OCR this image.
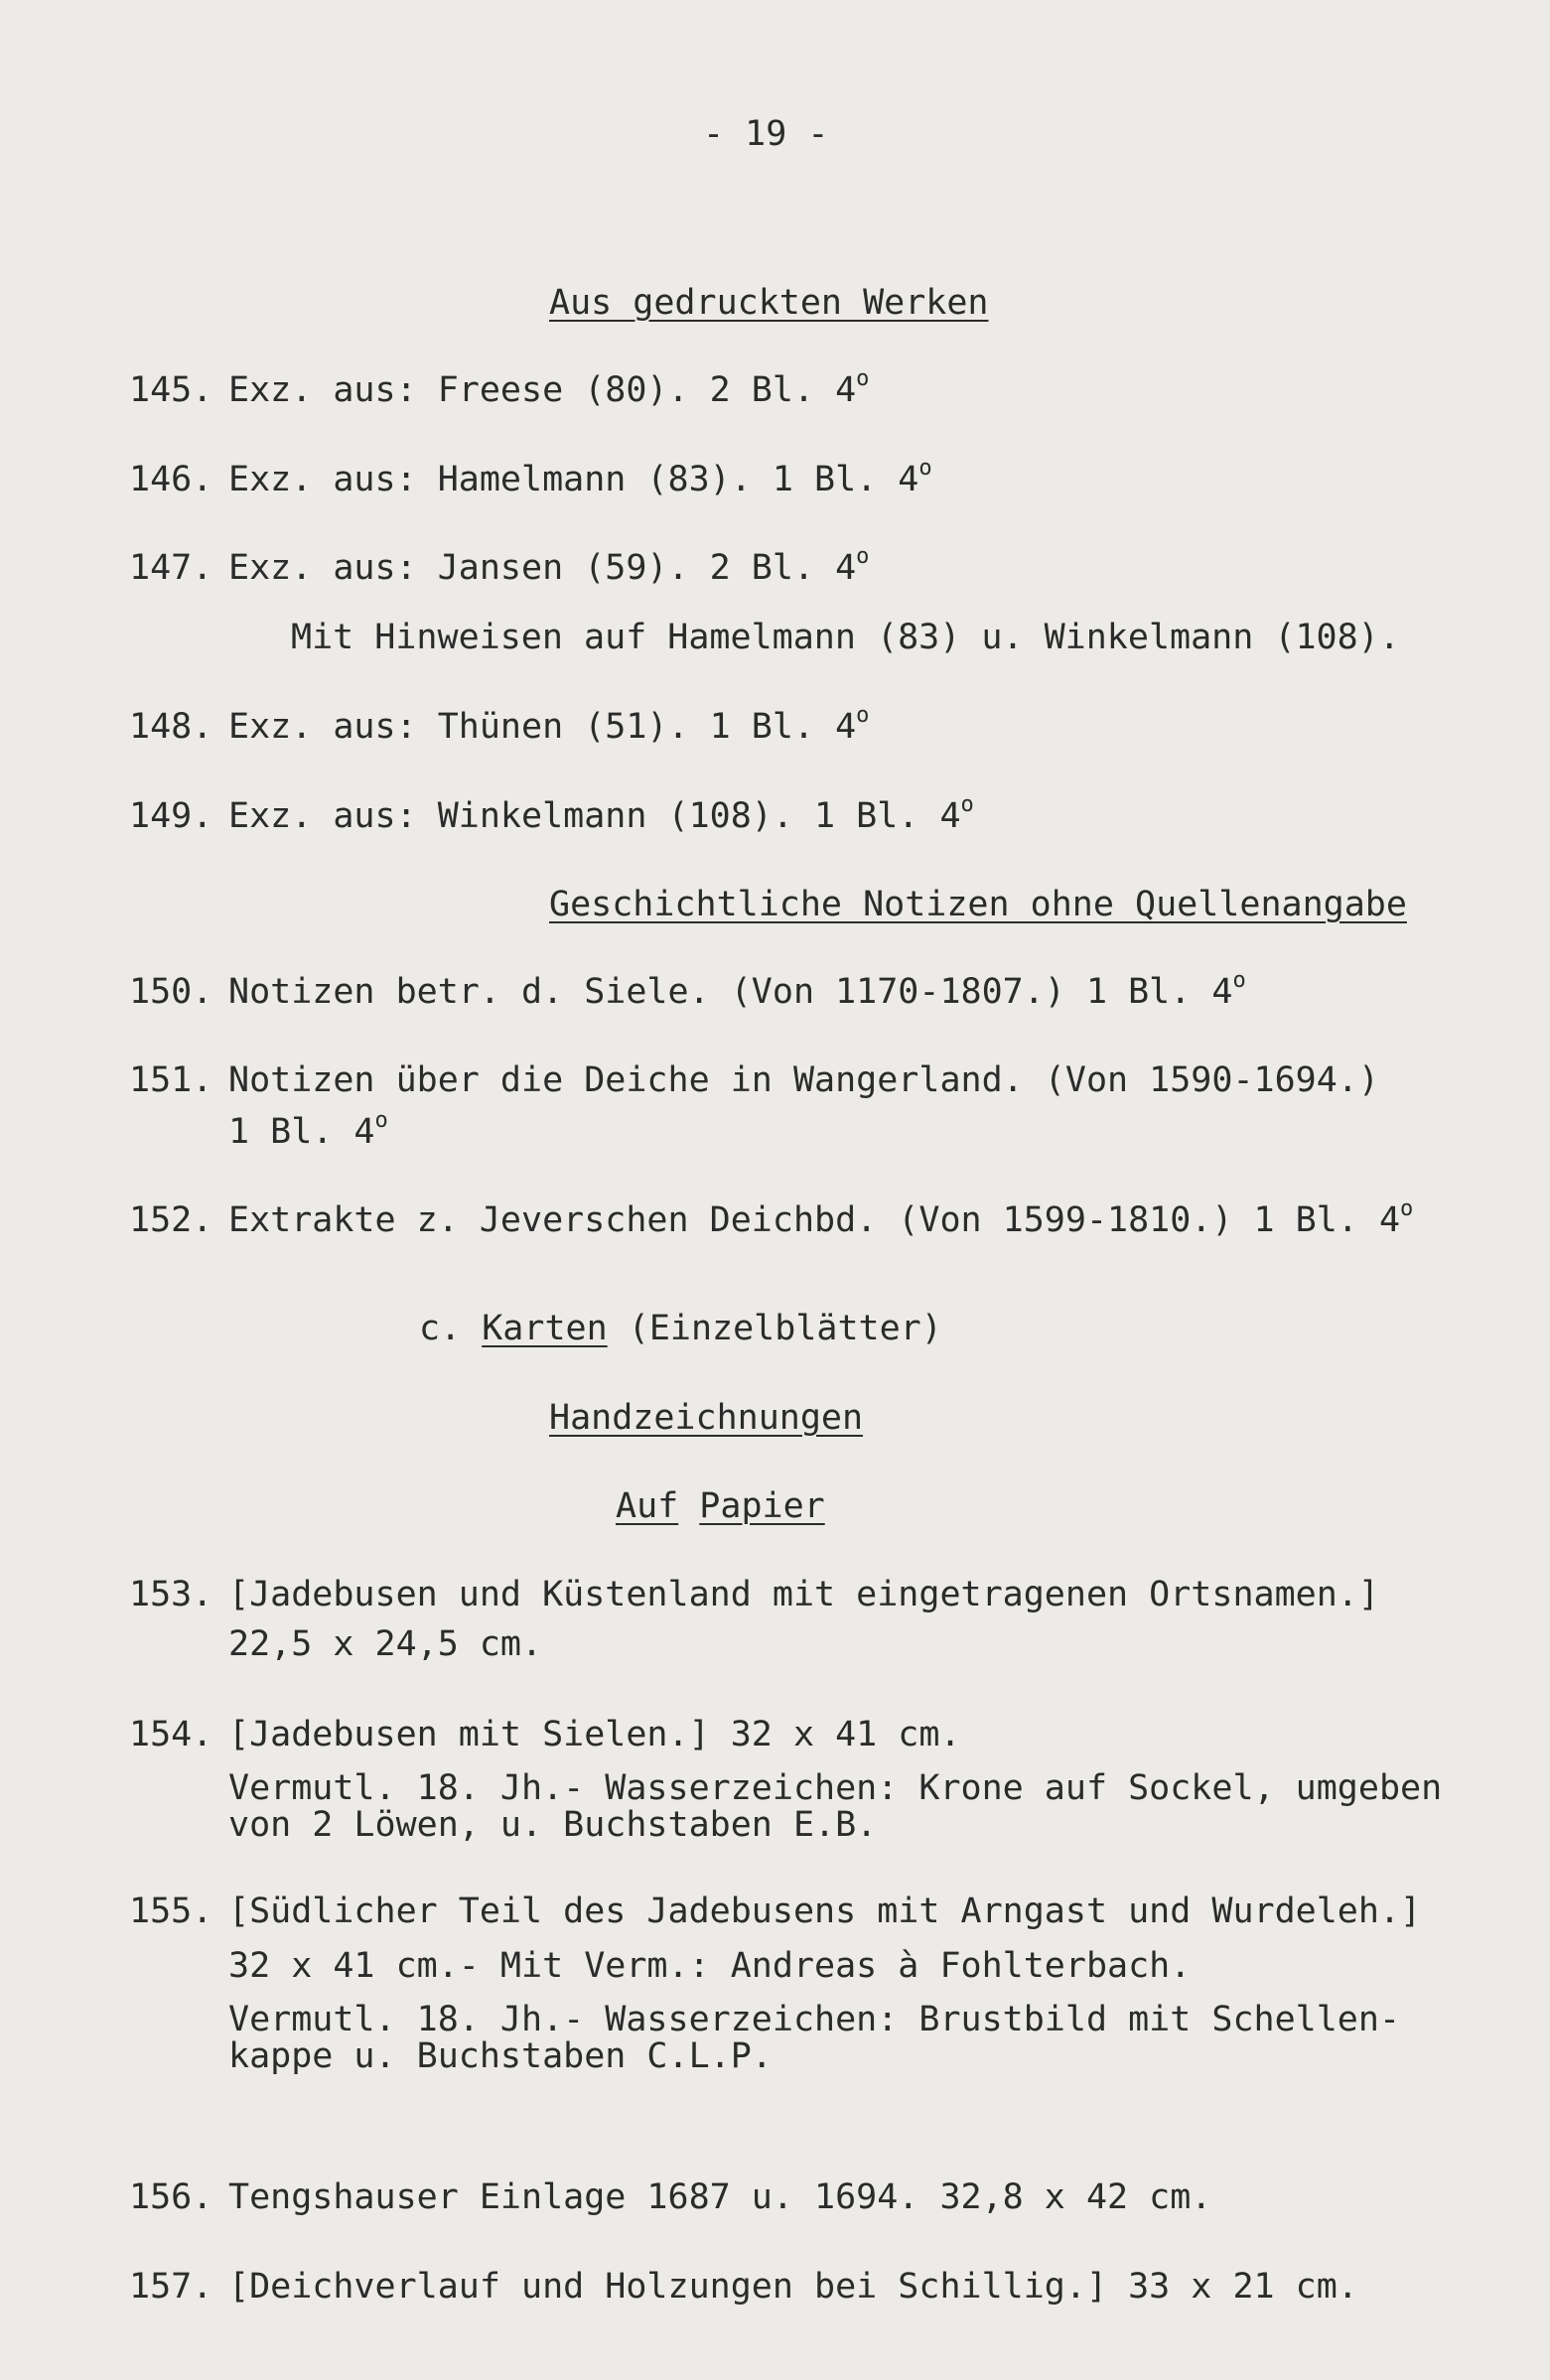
- 19 -
Aus gedruckten Werken
145. Exz. aus: Freese (80). 2 Bl. 4$^o$
146. Exz. aus: Hamelmann (83). 1 Bl. 4$^o$
147. Exz. aus: Jansen (59). 2 Bl. 4$^o$
Mit Hinweisen auf Hamelmann (83) u. Winkelmann (108).
148. Exz. aus: Thünen (51). 1 Bl. 4$^o$
149. Exz. aus: Winkelmann (108). 1 Bl. 4$^o$
Geschichtliche Notizen ohne Quellenangabe
150. Notizen betr. d. Siele. (Von 1170-1807.) 1 Bl. 4$^o$
151. Notizen über die Deiche in Wangerland. (Von 1590-1694.)
1 Bl. 4$^o$
152. Extrakte z. Jeverschen Deichbd. (Von 1599-1810.) 1 Bl. 4$^o$
c. Karten (Einzelblätter)
Handzeichnungen
Auf Papier
153. [Jadebusen und Küstenland mit eingetragenen Ortsnamen.]
22,5 x 24,5 cm.
154. [Jadebusen mit Sielen.] 32 x 41 cm.
Vermutl. 18. Jh.- Wasserzeichen: Krone auf Sockel, umgeben
von 2 Löwen, u. Buchstaben E.B.
155. [Südlicher Teil des Jadebusens mit Arngast und Wurdeleh.]
32 x 41 cm.- Mit Verm.: Andreas à Fohlterbach.
Vermutl. 18. Jh.- Wasserzeichen: Brustbild mit Schellen-
kappe u. Buchstaben C.L.P.
156. Tengshauser Einlage 1687 u. 1694. 32,8 x 42 cm.
157. [Deichverlauf und Holzungen bei Schillig.] 33 x 21 cm.
